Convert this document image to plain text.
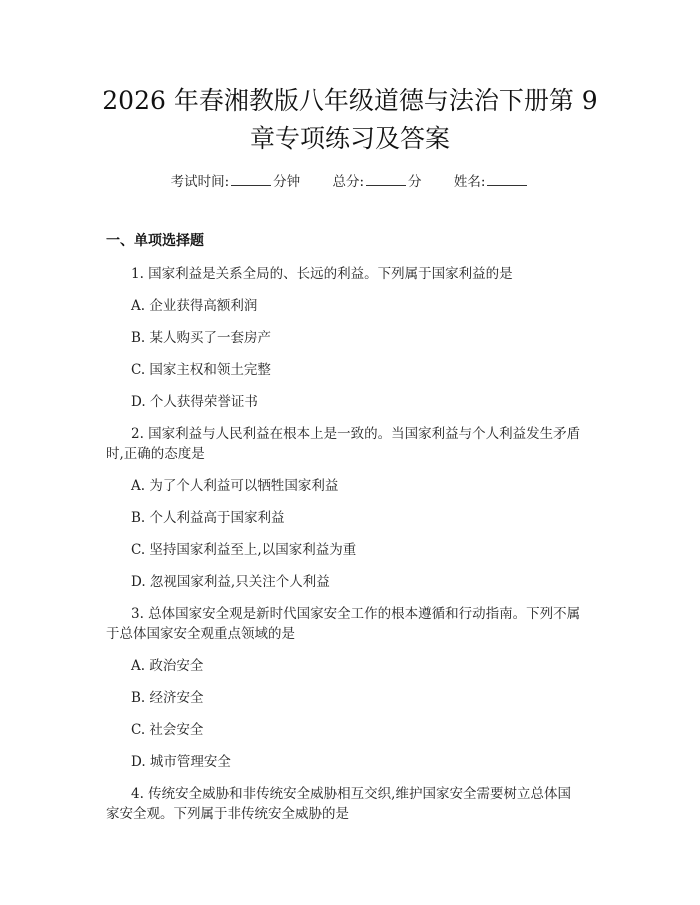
2026 年春湘教版八年级道德与法治下册第 9
章专项练习及答案
考试时间:	分钟 总分:	分 姓名:
一、单项选择题
1. 国家利益是关系全局的、长远的利益。下列属于国家利益的是
A. 企业获得高额利润
B. 某人购买了一套房产
C. 国家主权和领土完整
D. 个人获得荣誉证书
2. 国家利益与人民利益在根本上是一致的。当国家利益与个人利益发生矛盾
时,正确的态度是
A. 为了个人利益可以牺牲国家利益
B. 个人利益高于国家利益
C. 坚持国家利益至上,以国家利益为重
D. 忽视国家利益,只关注个人利益
3. 总体国家安全观是新时代国家安全工作的根本遵循和行动指南。下列不属
于总体国家安全观重点领域的是
A. 政治安全
B. 经济安全
C. 社会安全
D. 城市管理安全
4. 传统安全威胁和非传统安全威胁相互交织,维护国家安全需要树立总体国
家安全观。下列属于非传统安全威胁的是
